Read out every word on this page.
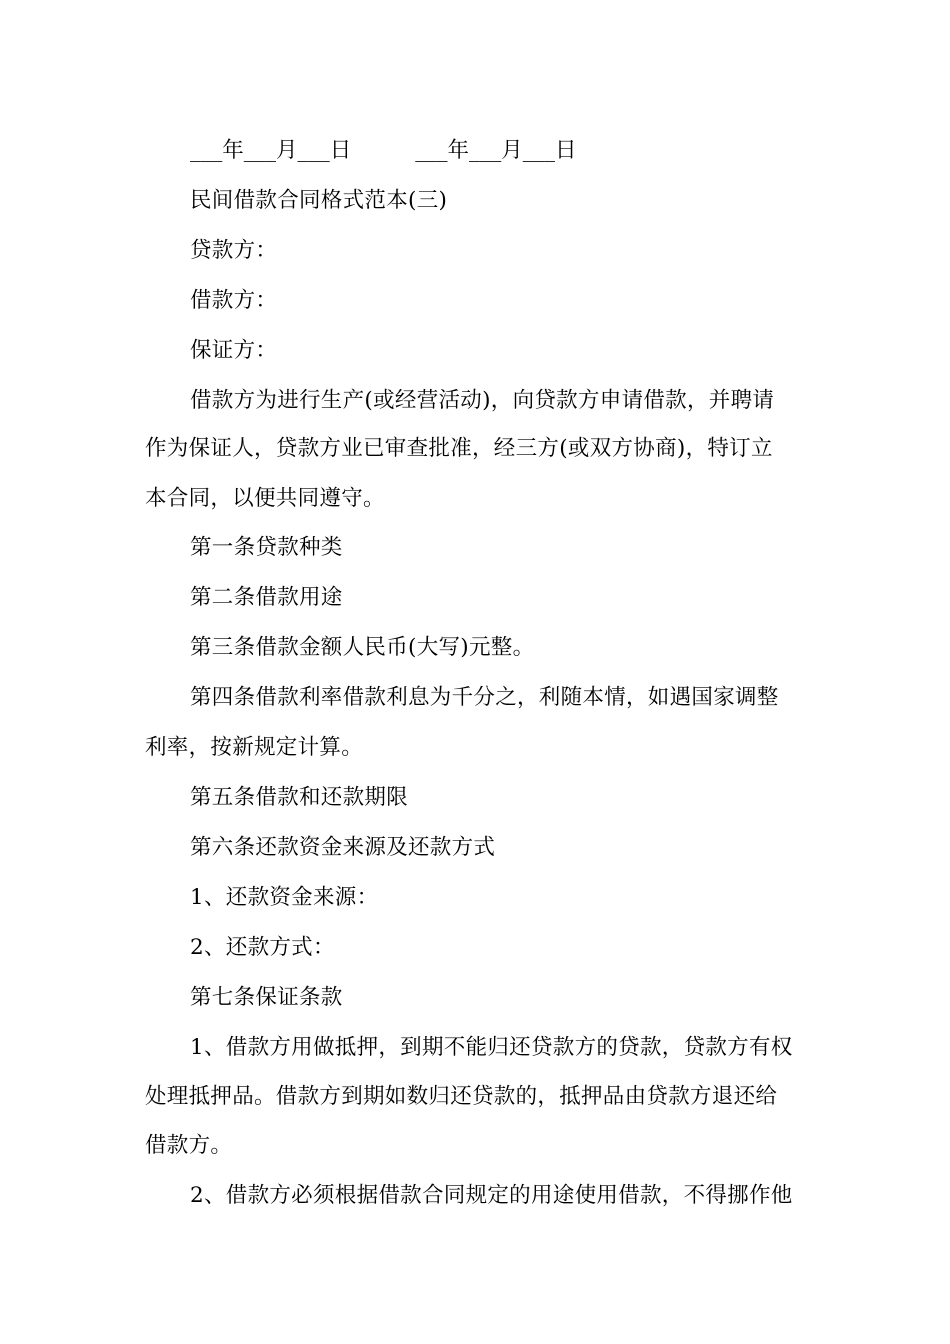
___年___月___日	___年___月___日
民间借款合同格式范本(三)
贷款方：
借款方：
保证方：
借款方为进行生产(或经营活动)，向贷款方申请借款，并聘请
作为保证人，贷款方业已审查批准，经三方(或双方协商)，特订立
本合同，以便共同遵守。
第一条贷款种类
第二条借款用途
第三条借款金额人民币(大写)元整。
第四条借款利率借款利息为千分之，利随本情，如遇国家调整
利率，按新规定计算。
第五条借款和还款期限
第六条还款资金来源及还款方式
1、还款资金来源：
2、还款方式：
第七条保证条款
1、借款方用做抵押，到期不能归还贷款方的贷款，贷款方有权
处理抵押品。借款方到期如数归还贷款的，抵押品由贷款方退还给
借款方。
2、借款方必须根据借款合同规定的用途使用借款，不得挪作他
